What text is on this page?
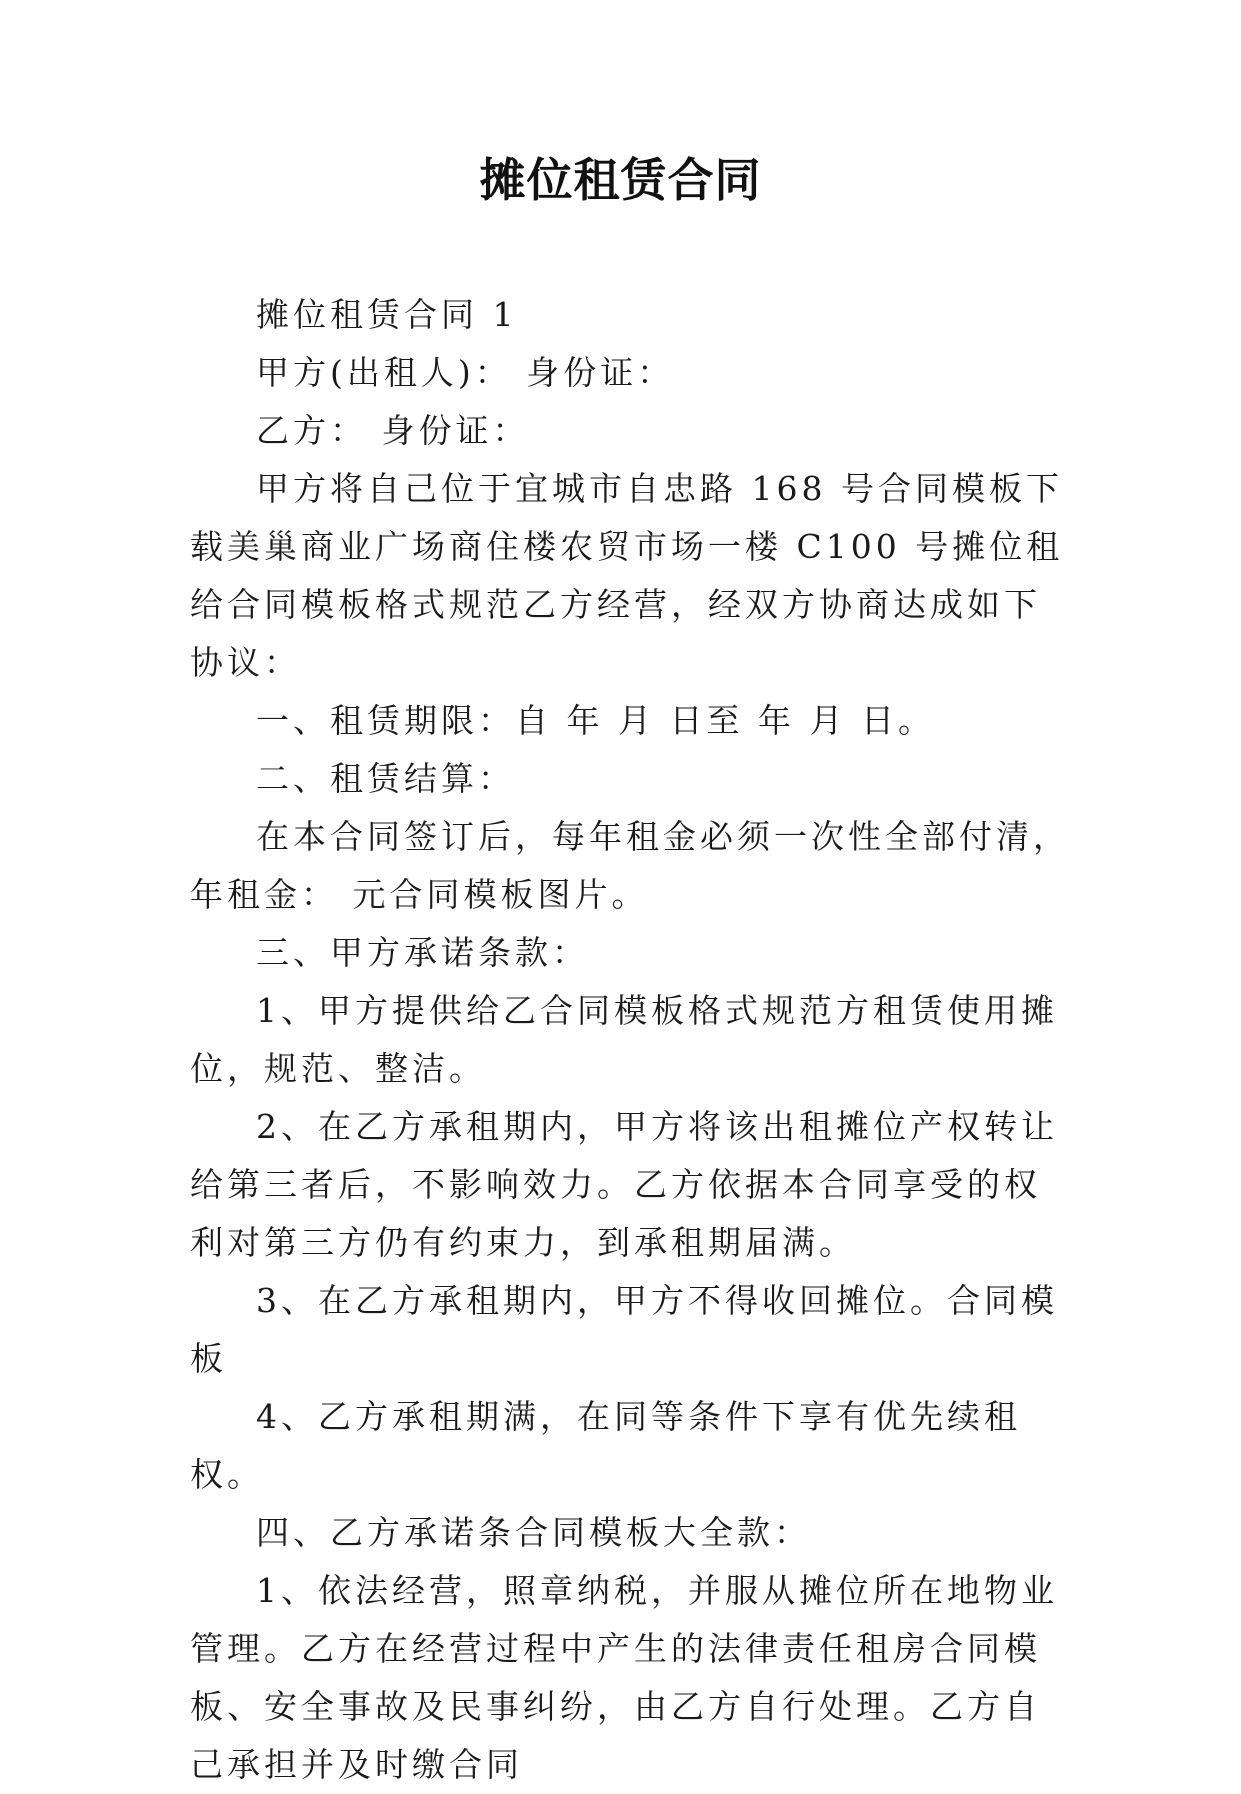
摊位租赁合同

摊位租赁合同 1

甲方(出租人)： 身份证：

乙方： 身份证：

甲方将自己位于宜城市自忠路 168 号合同模板下载美巢商业广场商住楼农贸市场一楼 C100 号摊位租给合同模板格式规范乙方经营，经双方协商达成如下协议：

一、租赁期限：自 年 月 日至 年 月 日。

二、租赁结算：

在本合同签订后，每年租金必须一次性全部付清，年租金： 元合同模板图片。

三、甲方承诺条款：

1、甲方提供给乙合同模板格式规范方租赁使用摊位，规范、整洁。

2、在乙方承租期内，甲方将该出租摊位产权转让给第三者后，不影响效力。乙方依据本合同享受的权利对第三方仍有约束力，到承租期届满。

3、在乙方承租期内，甲方不得收回摊位。合同模板

4、乙方承租期满，在同等条件下享有优先续租权。

四、乙方承诺条合同模板大全款：

1、依法经营，照章纳税，并服从摊位所在地物业管理。乙方在经营过程中产生的法律责任租房合同模板、安全事故及民事纠纷，由乙方自行处理。乙方自己承担并及时缴合同
